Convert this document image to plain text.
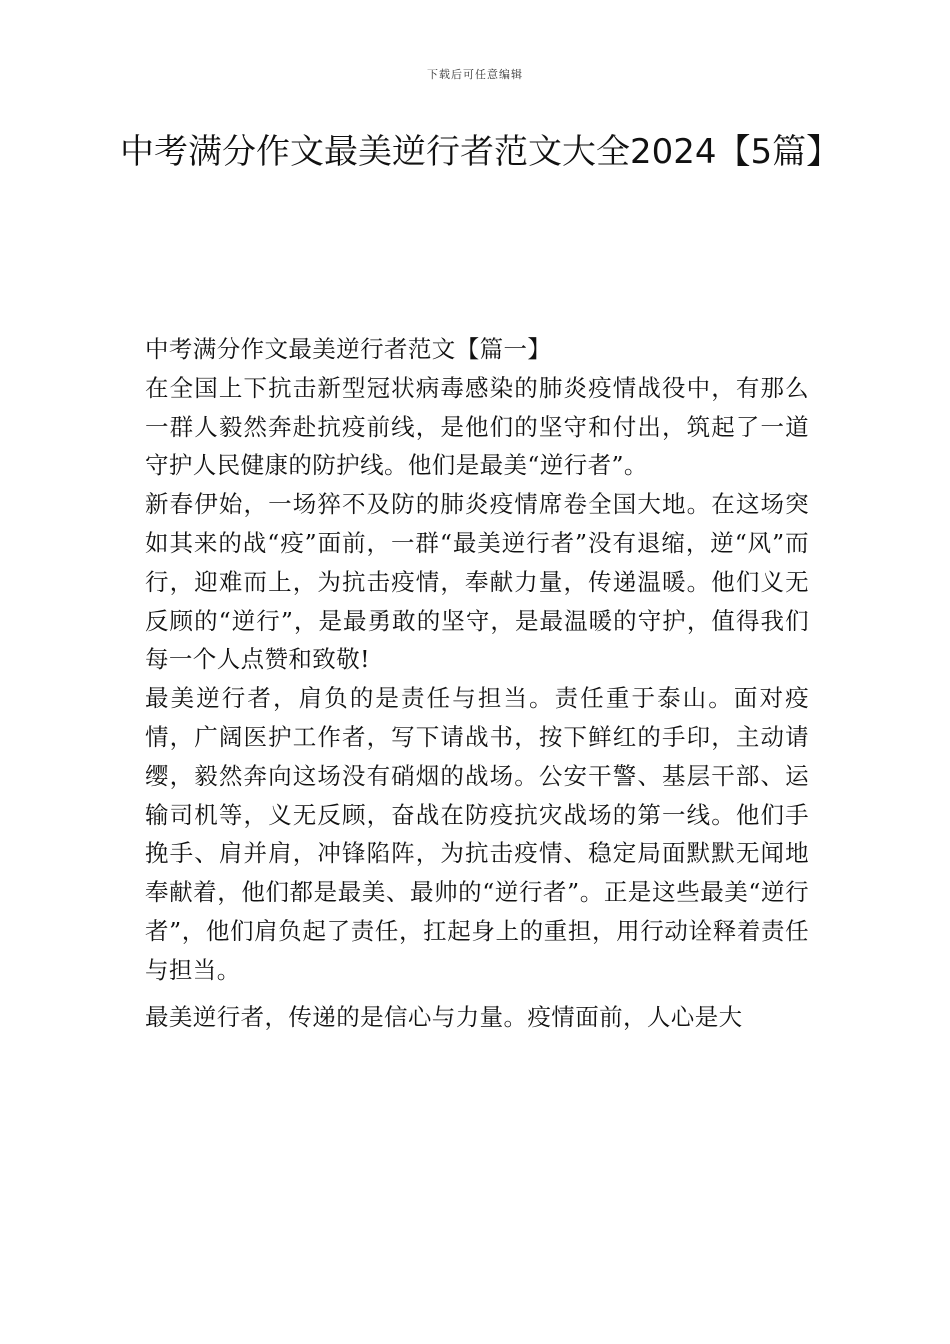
下载后可任意编辑
中考满分作文最美逆行者范文大全2024【5篇】
中考满分作文最美逆行者范文【篇一】

在全国上下抗击新型冠状病毒感染的肺炎疫情战役中，有那么一群人毅然奔赴抗疫前线，是他们的坚守和付出，筑起了一道守护人民健康的防护线。他们是最美“逆行者”。

新春伊始，一场猝不及防的肺炎疫情席卷全国大地。在这场突如其来的战“疫”面前，一群“最美逆行者”没有退缩，逆“风”而行，迎难而上，为抗击疫情，奉献力量，传递温暖。他们义无反顾的“逆行”，是最勇敢的坚守，是最温暖的守护，值得我们每一个人点赞和致敬!

最美逆行者，肩负的是责任与担当。责任重于泰山。面对疫情，广阔医护工作者，写下请战书，按下鲜红的手印，主动请缨，毅然奔向这场没有硝烟的战场。公安干警、基层干部、运输司机等，义无反顾，奋战在防疫抗灾战场的第一线。他们手挽手、肩并肩，冲锋陷阵，为抗击疫情、稳定局面默默无闻地奉献着，他们都是最美、最帅的“逆行者”。正是这些最美“逆行者”，他们肩负起了责任，扛起身上的重担，用行动诠释着责任与担当。

最美逆行者，传递的是信心与力量。疫情面前，人心是大
